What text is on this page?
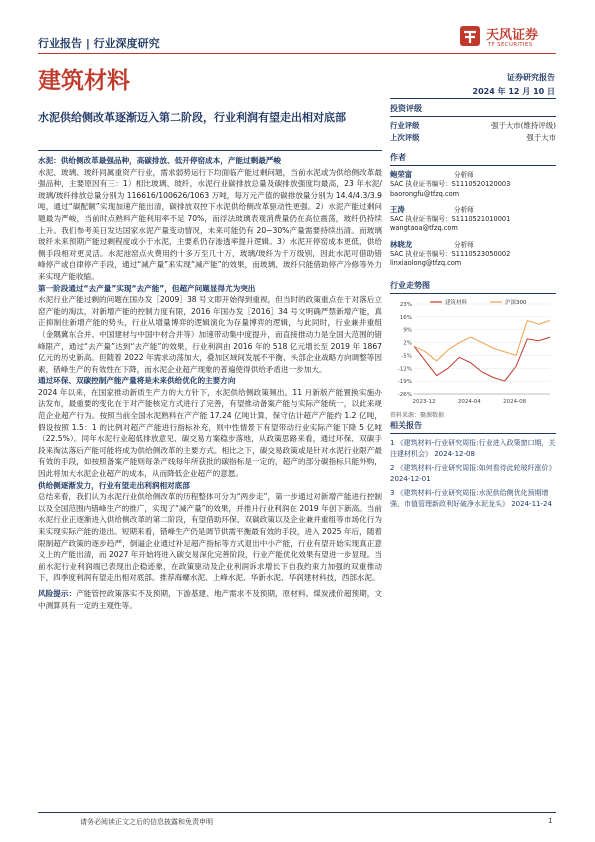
行业报告 | 行业深度研究
天风证券
TF SECURITIES
建筑材料	证券研究报告
2024 年 12 月 10 日
水泥供给侧改革逐渐迈入第二阶段，行业利润有望走出相对底部

水泥：供给侧改革最强品种，高碳排放、低开停窑成本，产能过剩最严峻

水泥、玻璃、玻纤同属重资产行业，需求弱势运行下均面临产能过剩问题，当前水泥或为供给侧改革最强品种，主要原因有三：1）相比玻璃、玻纤，水泥行业碳排放总量及碳排放强度均最高，23 年水泥/玻璃/玻纤排放总量分别为 116616/100626/1063 万吨，每万元产值的碳排放量分别为 14.4/4.3/3.9 吨，通过“碳配额”实现加速产能出清，碳排放双控下水泥供给侧改革驱动性更强。2）水泥产能过剩问题最为严峻，当前时点熟料产能利用率不足 70%，而浮法玻璃表观消费量仍在高位震荡，玻纤仍持续上升。我们参考美日发达国家水泥产量变动情况，未来可能仍有 20~30%产量需要持续出清。而玻璃玻纤未来预期产能过剩程度或小于水泥，主要系仍存渗透率提升逻辑。3）水泥开停窑成本更低，供给侧手段相对更灵活。水泥池窑点火费用约十多万至几十万，玻璃/玻纤为千万级别，因此水泥可借助错峰停产或自律停产手段，通过“减产量”来实现“减产能”的效果，而玻璃、玻纤只能借助停产冷修等外力来实现产能收缩。

第一阶段通过“去产量”实现“去产能”，但超产问题显得尤为突出

水泥行业产能过剩的问题在国办发［2009］38 号文即开始得到重视，但当时的政策重点在于对落后立窑产能的淘汰，对新增产能的控制力度有限，2016 年国办发［2016］34 号文明确严禁新增产能，真正抑制住新增产能的势头，行业从增量博弈的逻辑演化为存量博弈的逻辑，与此同时，行业兼并重组（金隅冀东合并、中国建材与中国中材合并等）加速带动集中度提升，而直接推动力是全国大范围的错峰限产，通过“去产量”达到“去产能”的效果，行业利润由 2016 年的 518 亿元增长至 2019 年 1867 亿元的历史新高。但随着 2022 年需求动荡加大，叠加区域间发展不平衡、头部企业战略方向调整等因素，错峰生产的有效性在下降，而水泥企业超产现象的普遍使得供给矛盾进一步加大。

通过环保、双碳控制产能产量将是未来供给优化的主要方向

2024 年以来，在国家推动新质生产力的大方针下，水泥供给侧政策频出。11 月新版产能置换实施办法发布，最重要的变化在于对产能核定方式进行了完善，有望推动备案产能与实际产能统一，以此来规范企业超产行为。按照当前全国水泥熟料在产产能 17.24 亿吨计算，保守估计超产产能约 1.2 亿吨，假设按照 1.5：1 的比例对超产产能进行指标补充，则中性情景下有望带动行业实际产能下降 5 亿吨（22.5%）。同年水泥行业超低排放意见、碳交易方案稳步落地，从政策思路来看，通过环保、双碳手段来淘汰落后产能可能将成为供给侧改革的主要方式。相比之下，碳交易政策或是针对水泥行业限产最有效的手段，如按照备案产能则每条产线每年所获批的碳指标是一定的，超产的部分碳指标只能外购，因此将加大水泥企业超产的成本，从而降低企业超产的意愿。

供给侧逐渐发力，行业有望走出利润相对底部

总结来看，我们认为水泥行业供给侧改革的历程整体可分为“两步走”，第一步通过对新增产能进行控制以及全国范围内错峰生产的推广，实现了“减产量”的效果，并推升行业利润在 2019 年创下新高。当前水泥行业正逐渐进入供给侧改革的第二阶段，有望借助环保、双碳政策以及企业兼并重组等市场化行为来实现实际产能的退出。短期来看，错峰生产仍是调节供需平衡最有效的手段，进入 2025 年后，随着限制超产政策的逐步趋严，倒逼企业通过补足超产指标等方式退出中小产能，行业有望开始实现真正意义上的产能出清，而 2027 年开始将进入碳交易深化完善阶段，行业产能优化效果有望进一步显现。当前水泥行业利润端已表现出企稳迹象，在政策驱动及企业利润诉求增长下自我约束力加强的双重推动下，四季度利润有望走出相对底部。推荐海螺水泥、上峰水泥、华新水泥、华润建材科技，西部水泥。

风险提示：产能管控政策落实不及预期，下游基建、地产需求不及预期，原材料、煤炭涨价超预期，文中测算具有一定的主观性等。

投资评级
行业评级	强于大市(维持评级)
上次评级	强于大市
作者
鲍荣富	分析师
SAC 执业证书编号：S1110520120003
baorongfu@tfzq.com
王涛	分析师
SAC 执业证书编号：S1110521010001
wangtaoa@tfzq.com
林晓龙	分析师
SAC 执业证书编号：S1110523050002
linxiaolong@tfzq.com
行业走势图
23%
16%
9%
2%
-5%
-12%
-19%
-26%
2023-12	2024-04	2024-08
建筑材料	沪深300
资料来源：聚源数据
相关报告
1 《建筑材料-行业研究周报:行业进入政策窗口期，关注建材机会》 2024-12-08
2 《建筑材料-行业研究周报:如何看待此轮玻纤涨价》 2024-12-01
3 《建筑材料-行业研究周报:水泥供给侧优化预期增强，市值管理新政利好破净水泥龙头》 2024-11-24
请务必阅读正文之后的信息披露和免责申明	1
